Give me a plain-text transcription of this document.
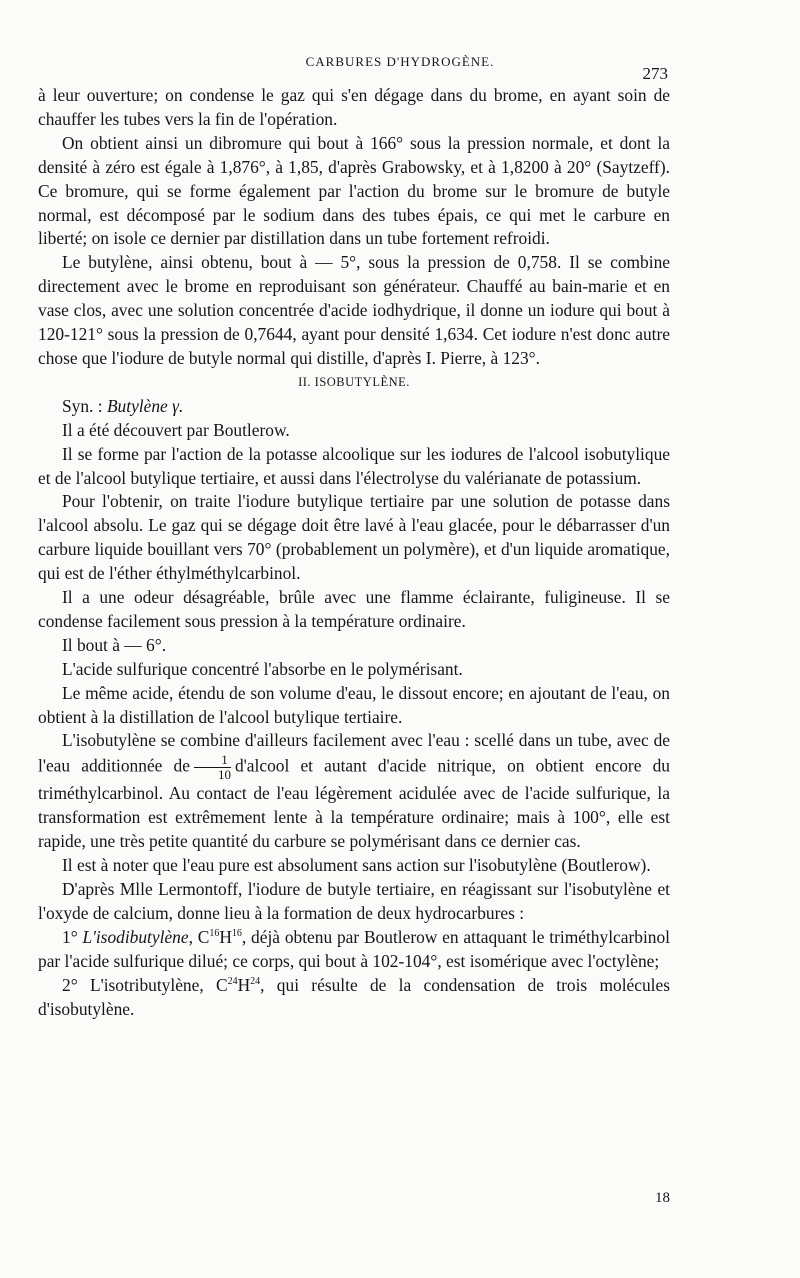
CARBURES D'HYDROGÈNE.
273

à leur ouverture; on condense le gaz qui s'en dégage dans du brome, en ayant soin de chauffer les tubes vers la fin de l'opération.

On obtient ainsi un dibromure qui bout à 166° sous la pression normale, et dont la densité à zéro est égale à 1,876°, à 1,85, d'après Grabowsky, et à 1,8200 à 20° (Saytzeff). Ce bromure, qui se forme également par l'action du brome sur le bromure de butyle normal, est décomposé par le sodium dans des tubes épais, ce qui met le carbure en liberté; on isole ce dernier par distillation dans un tube fortement refroidi.

Le butylène, ainsi obtenu, bout à — 5°, sous la pression de 0,758. Il se combine directement avec le brome en reproduisant son générateur. Chauffé au bain-marie et en vase clos, avec une solution concentrée d'acide iodhydrique, il donne un iodure qui bout à 120-121° sous la pression de 0,7644, ayant pour densité 1,634. Cet iodure n'est donc autre chose que l'iodure de butyle normal qui distille, d'après I. Pierre, à 123°.

II. ISOBUTYLÈNE.

Syn. : Butylène γ.

Il a été découvert par Boutlerow.

Il se forme par l'action de la potasse alcoolique sur les iodures de l'alcool isobutylique et de l'alcool butylique tertiaire, et aussi dans l'électrolyse du valérianate de potassium.

Pour l'obtenir, on traite l'iodure butylique tertiaire par une solution de potasse dans l'alcool absolu. Le gaz qui se dégage doit être lavé à l'eau glacée, pour le débarrasser d'un carbure liquide bouillant vers 70° (probablement un polymère), et d'un liquide aromatique, qui est de l'éther éthylméthylcarbinol.

Il a une odeur désagréable, brûle avec une flamme éclairante, fuligineuse. Il se condense facilement sous pression à la température ordinaire.

Il bout à — 6°.

L'acide sulfurique concentré l'absorbe en le polymérisant.

Le même acide, étendu de son volume d'eau, le dissout encore; en ajoutant de l'eau, on obtient à la distillation de l'alcool butylique tertiaire.

L'isobutylène se combine d'ailleurs facilement avec l'eau : scellé dans un tube, avec de l'eau additionnée de $\frac{1}{10}$ d'alcool et autant d'acide nitrique, on obtient encore du triméthylcarbinol. Au contact de l'eau légèrement acidulée avec de l'acide sulfurique, la transformation est extrêmement lente à la température ordinaire; mais à 100°, elle est rapide, une très petite quantité du carbure se polymérisant dans ce dernier cas.

Il est à noter que l'eau pure est absolument sans action sur l'isobutylène (Boutlerow).

D'après Mlle Lermontoff, l'iodure de butyle tertiaire, en réagissant sur l'isobutylène et l'oxyde de calcium, donne lieu à la formation de deux hydrocarbures :

1° L'isodibutylène, $C^{16}H^{16}$, déjà obtenu par Boutlerow en attaquant le triméthylcarbinol par l'acide sulfurique dilué; ce corps, qui bout à 102-104°, est isomérique avec l'octylène;

2° L'isotributylène, $C^{24}H^{24}$, qui résulte de la condensation de trois molécules d'isobutylène.

18
